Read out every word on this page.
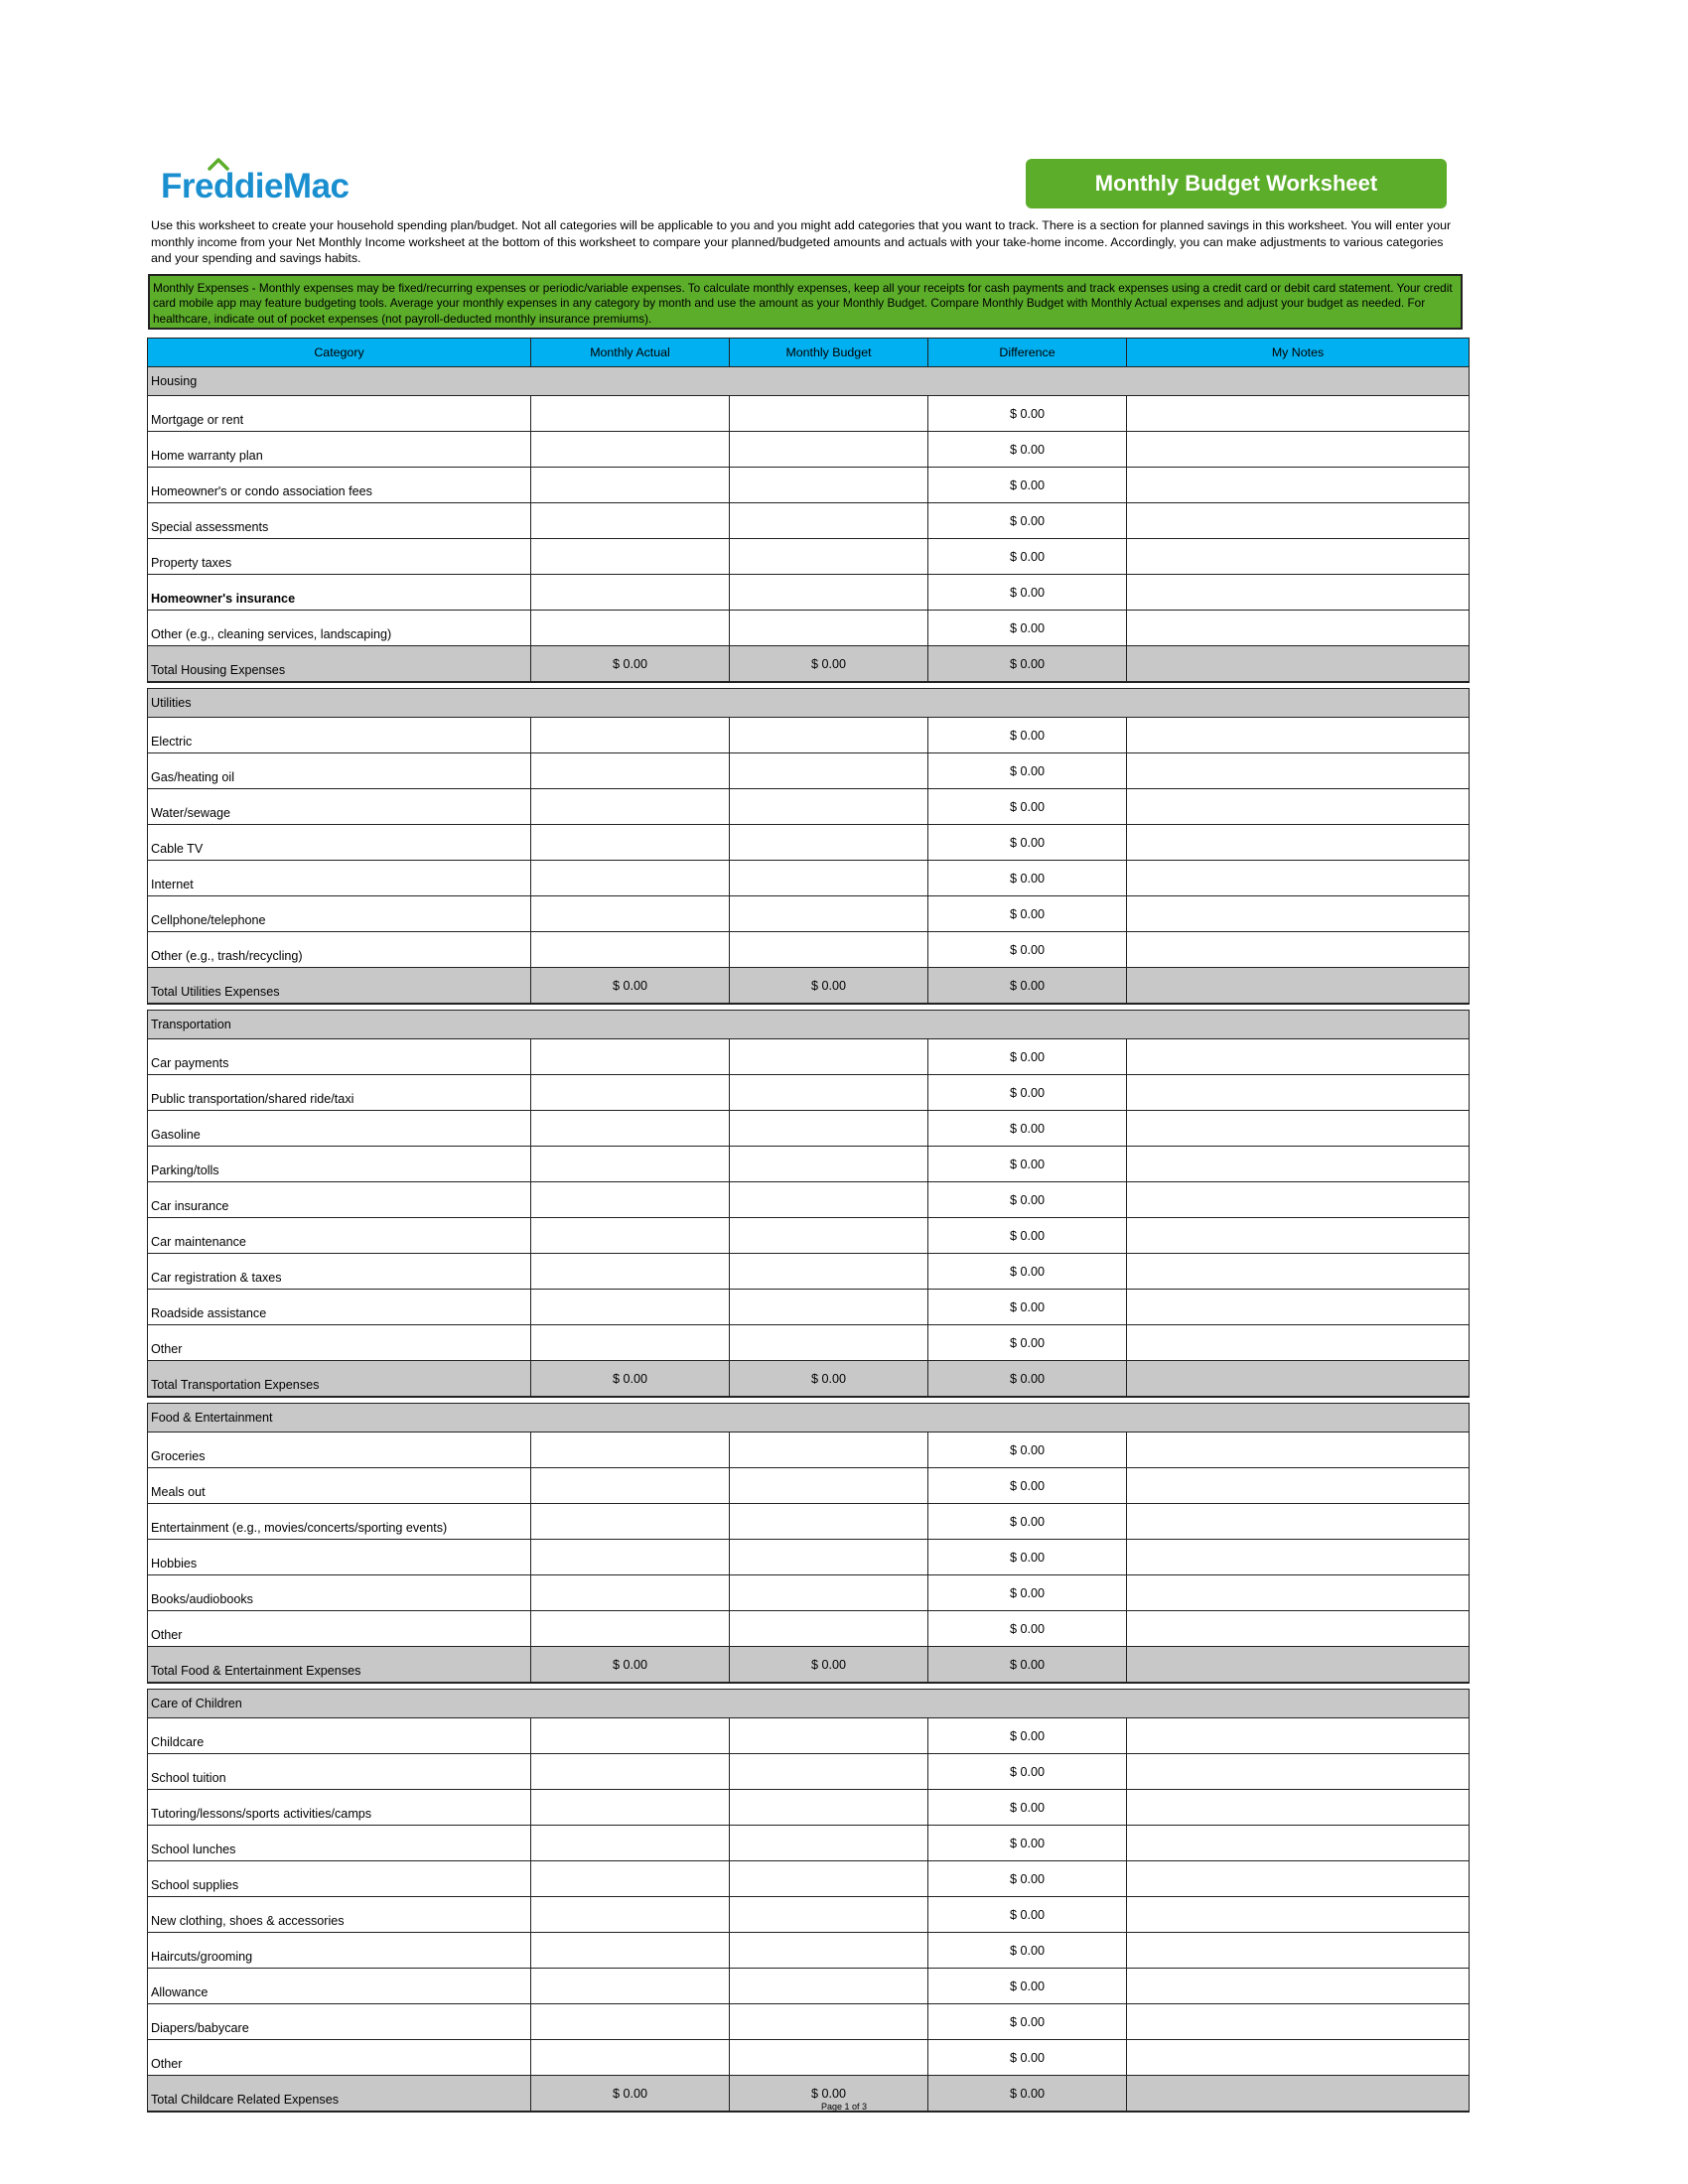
FreddieMac	Monthly Budget Worksheet
Use this worksheet to create your household spending plan/budget. Not all categories will be applicable to you and you might add categories that you want to track. There is a section for planned savings in this worksheet. You will enter your monthly income from your Net Monthly Income worksheet at the bottom of this worksheet to compare your planned/budgeted amounts and actuals with your take-home income. Accordingly, you can make adjustments to various categories and your spending and savings habits.
Monthly Expenses - Monthly expenses may be fixed/recurring expenses or periodic/variable expenses. To calculate monthly expenses, keep all your receipts for cash payments and track expenses using a credit card or debit card statement. Your credit card mobile app may feature budgeting tools. Average your monthly expenses in any category by month and use the amount as your Monthly Budget. Compare Monthly Budget with Monthly Actual expenses and adjust your budget as needed. For healthcare, indicate out of pocket expenses (not payroll-deducted monthly insurance premiums).
Category	Monthly Actual	Monthly Budget	Difference	My Notes
Housing				
Mortgage or rent			$ 0.00	
Home warranty plan			$ 0.00	
Homeowner's or condo association fees			$ 0.00	
Special assessments			$ 0.00	
Property taxes			$ 0.00	
Homeowner's insurance			$ 0.00	
Other (e.g., cleaning services, landscaping)			$ 0.00	
Total Housing Expenses	$ 0.00	$ 0.00	$ 0.00	

Utilities				
Electric			$ 0.00	
Gas/heating oil			$ 0.00	
Water/sewage			$ 0.00	
Cable TV			$ 0.00	
Internet			$ 0.00	
Cellphone/telephone			$ 0.00	
Other (e.g., trash/recycling)			$ 0.00	
Total Utilities Expenses	$ 0.00	$ 0.00	$ 0.00	

Transportation				
Car payments			$ 0.00	
Public transportation/shared ride/taxi			$ 0.00	
Gasoline			$ 0.00	
Parking/tolls			$ 0.00	
Car insurance			$ 0.00	
Car maintenance			$ 0.00	
Car registration & taxes			$ 0.00	
Roadside assistance			$ 0.00	
Other			$ 0.00	
Total Transportation Expenses	$ 0.00	$ 0.00	$ 0.00	

Food & Entertainment				
Groceries			$ 0.00	
Meals out			$ 0.00	
Entertainment (e.g., movies/concerts/sporting events)			$ 0.00	
Hobbies			$ 0.00	
Books/audiobooks			$ 0.00	
Other			$ 0.00	
Total Food & Entertainment Expenses	$ 0.00	$ 0.00	$ 0.00	

Care of Children				
Childcare			$ 0.00	
School tuition			$ 0.00	
Tutoring/lessons/sports activities/camps			$ 0.00	
School lunches			$ 0.00	
School supplies			$ 0.00	
New clothing, shoes & accessories			$ 0.00	
Haircuts/grooming			$ 0.00	
Allowance			$ 0.00	
Diapers/babycare			$ 0.00	
Other			$ 0.00	
Total Childcare Related Expenses	$ 0.00	$ 0.00	$ 0.00	
Page 1 of 3
